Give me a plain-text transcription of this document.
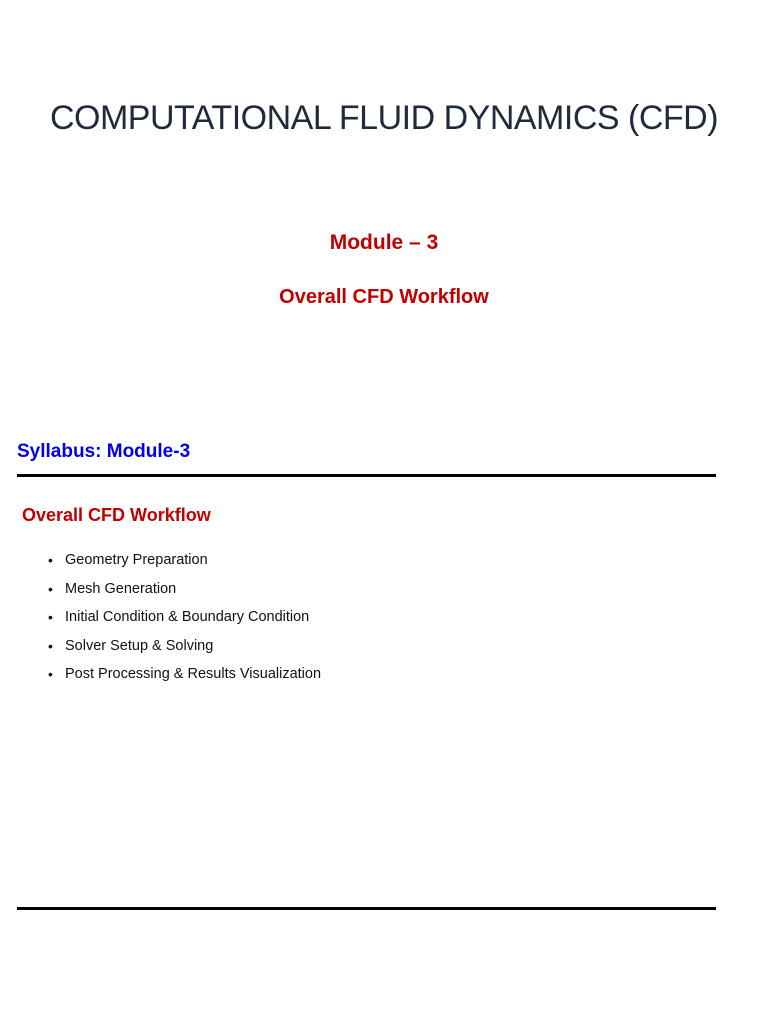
COMPUTATIONAL FLUID DYNAMICS (CFD)
Module – 3
Overall CFD Workflow
Syllabus: Module-3
Overall CFD Workflow
• Geometry Preparation
• Mesh Generation
• Initial Condition & Boundary Condition
• Solver Setup & Solving
• Post Processing & Results Visualization
